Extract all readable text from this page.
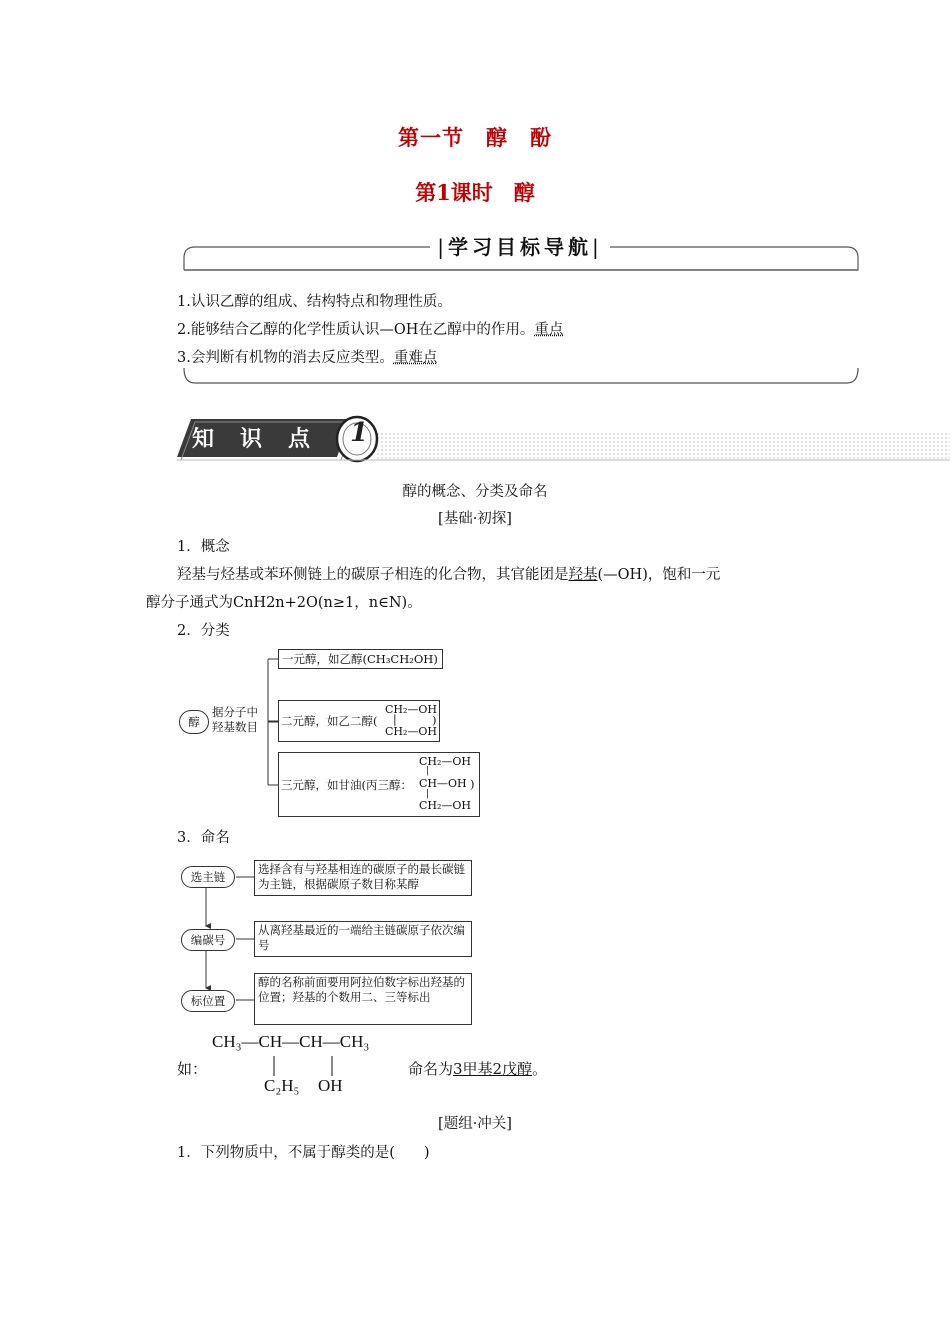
第一节　醇　酚
第1课时　醇
|学习目标导航|
1.认识乙醇的组成、结构特点和物理性质。
2.能够结合乙醇的化学性质认识—OH在乙醇中的作用。重点
3.会判断有机物的消去反应类型。重难点
知　识　点 1
醇的概念、分类及命名
[基础·初探]
1．概念
羟基与烃基或苯环侧链上的碳原子相连的化合物，其官能团是羟基(—OH)，饱和一元
醇分子通式为CnH2n+2O(n≥1，n∈N)。
2．分类
醇
据分子中羟基数目
一元醇，如乙醇(CH₃CH₂OH)
二元醇，如乙二醇(
CH₂—OH
|
CH₂—OH
)
三元醇，如甘油(丙三醇：
CH₂—OH
|
CH—OH
|
CH₂—OH
)
3．命名
选主链
选择含有与羟基相连的碳原子的最长碳链为主链，根据碳原子数目称某醇
编碳号
从离羟基最近的一端给主链碳原子依次编号
标位置
醇的名称前面要用阿拉伯数字标出羟基的位置；羟基的个数用二、三等标出
如：
CH₃—CH—CH—CH₃
C₂H₅ OH
命名为3甲基2戊醇。
[题组·冲关]
1．下列物质中，不属于醇类的是(　　)
